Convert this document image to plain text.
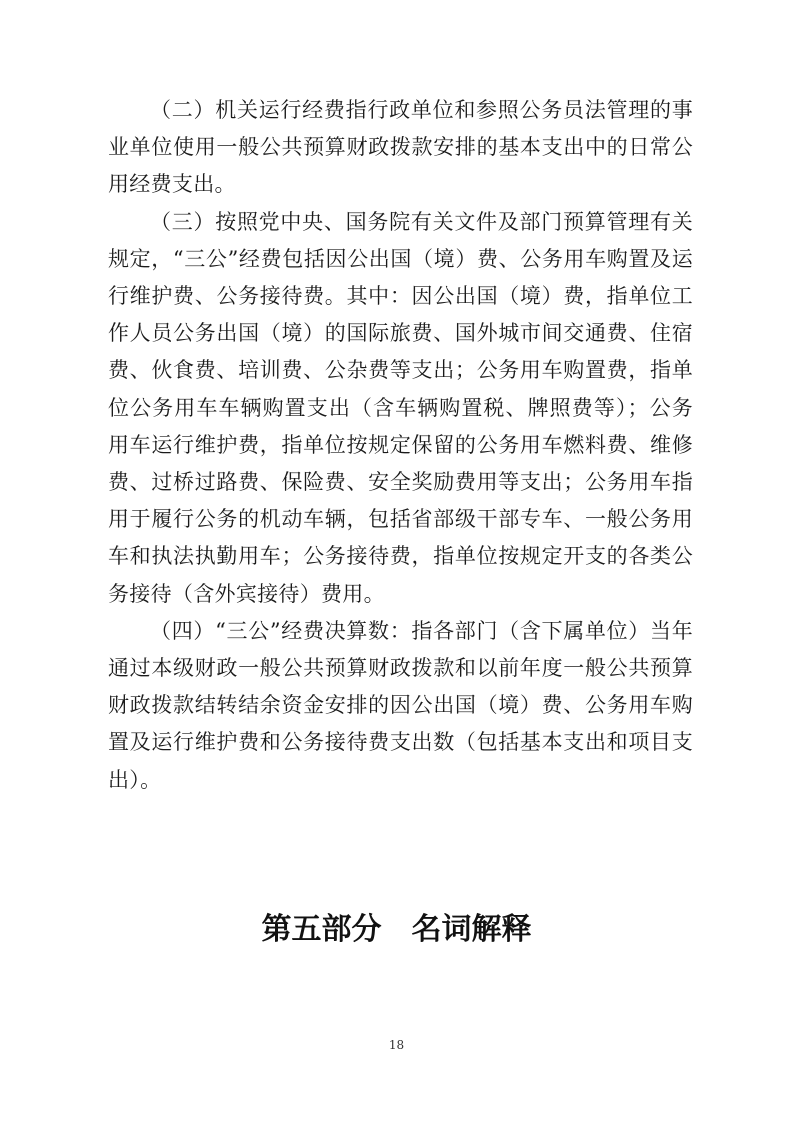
（二）机关运行经费指行政单位和参照公务员法管理的事业单位使用一般公共预算财政拨款安排的基本支出中的日常公用经费支出。

（三）按照党中央、国务院有关文件及部门预算管理有关规定，“三公”经费包括因公出国（境）费、公务用车购置及运行维护费、公务接待费。其中：因公出国（境）费，指单位工作人员公务出国（境）的国际旅费、国外城市间交通费、住宿费、伙食费、培训费、公杂费等支出；公务用车购置费，指单位公务用车车辆购置支出（含车辆购置税、牌照费等）；公务用车运行维护费，指单位按规定保留的公务用车燃料费、维修费、过桥过路费、保险费、安全奖励费用等支出；公务用车指用于履行公务的机动车辆，包括省部级干部专车、一般公务用车和执法执勤用车；公务接待费，指单位按规定开支的各类公务接待（含外宾接待）费用。

（四）“三公”经费决算数：指各部门（含下属单位）当年通过本级财政一般公共预算财政拨款和以前年度一般公共预算财政拨款结转结余资金安排的因公出国（境）费、公务用车购置及运行维护费和公务接待费支出数（包括基本支出和项目支出）。

第五部分　名词解释
18
